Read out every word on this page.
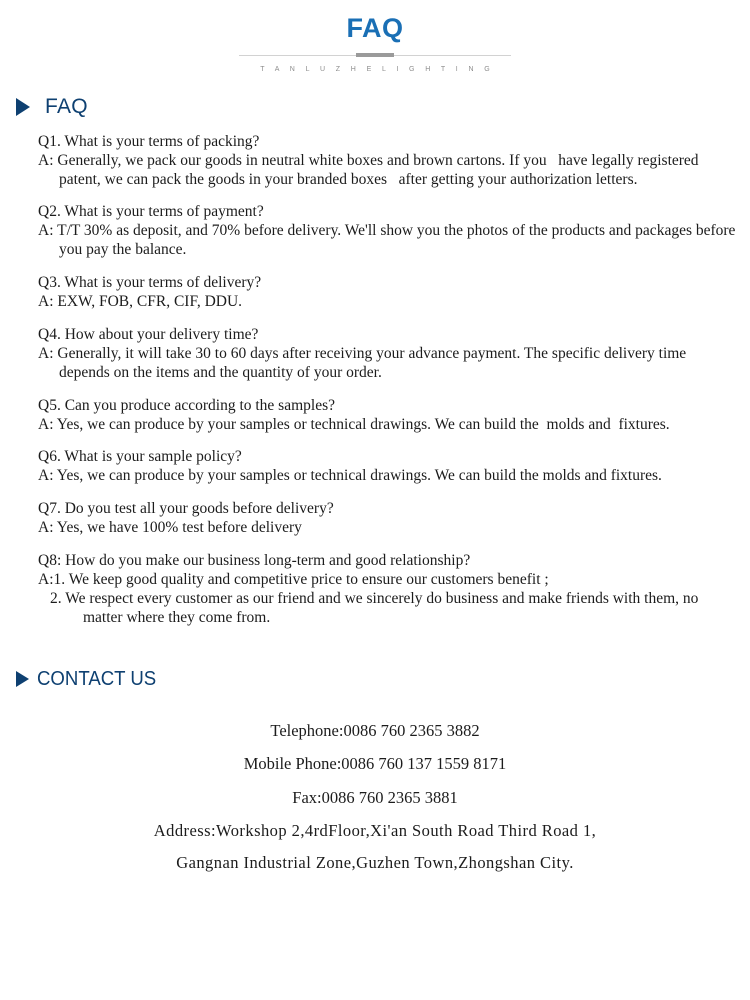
FAQ
T A N L U Z H E L I G H T I N G
FAQ
Q1. What is your terms of packing?
A: Generally, we pack our goods in neutral white boxes and brown cartons. If you   have legally registered patent, we can pack the goods in your branded boxes   after getting your authorization letters.
Q2. What is your terms of payment?
A: T/T 30% as deposit, and 70% before delivery. We'll show you the photos of the products and packages before you pay the balance.
Q3. What is your terms of delivery?
A: EXW, FOB, CFR, CIF, DDU.
Q4. How about your delivery time?
A: Generally, it will take 30 to 60 days after receiving your advance payment. The specific delivery time depends on the items and the quantity of your order.
Q5. Can you produce according to the samples?
A: Yes, we can produce by your samples or technical drawings. We can build the  molds and  fixtures.
Q6. What is your sample policy?
A: Yes, we can produce by your samples or technical drawings. We can build the molds and fixtures.
Q7. Do you test all your goods before delivery?
A: Yes, we have 100% test before delivery
Q8: How do you make our business long-term and good relationship?
A:1. We keep good quality and competitive price to ensure our customers benefit ;
2. We respect every customer as our friend and we sincerely do business and make friends with them, no matter where they come from.
CONTACT US
Telephone:0086 760 2365 3882
Mobile Phone:0086 760 137 1559 8171
Fax:0086 760 2365 3881
Address:Workshop 2,4rdFloor,Xi'an South Road Third Road 1,
Gangnan Industrial Zone,Guzhen Town,Zhongshan City.
